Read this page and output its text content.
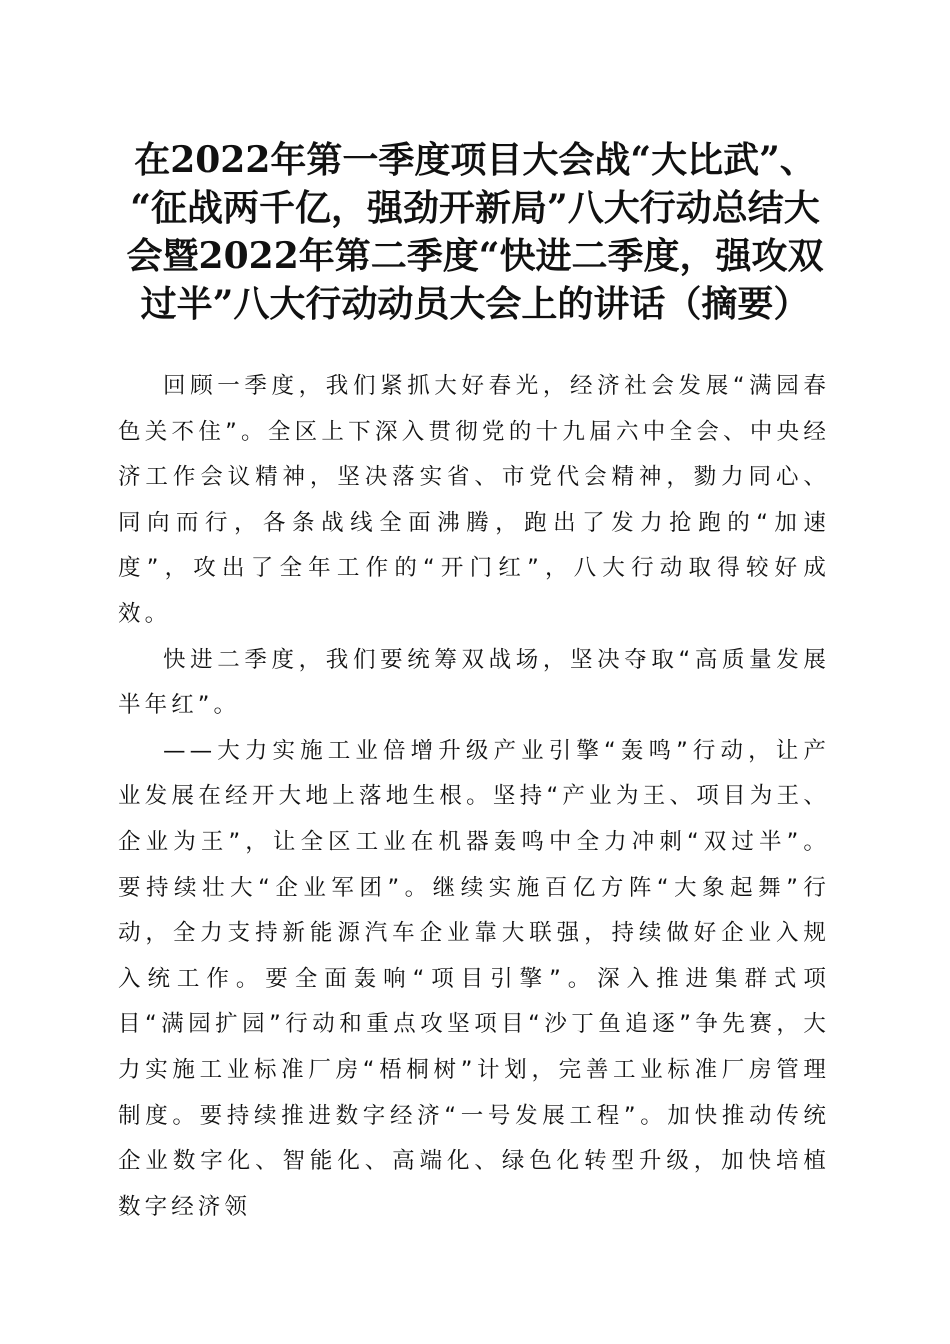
在2022年第一季度项目大会战“大比武”、
“征战两千亿，强劲开新局”八大行动总结大
会暨2022年第二季度“快进二季度，强攻双
过半”八大行动动员大会上的讲话（摘要）

回顾一季度，我们紧抓大好春光，经济社会发展“满园春色关不住”。全区上下深入贯彻党的十九届六中全会、中央经济工作会议精神，坚决落实省、市党代会精神，勠力同心、同向而行，各条战线全面沸腾，跑出了发力抢跑的“加速度”，攻出了全年工作的“开门红”，八大行动取得较好成效。

快进二季度，我们要统筹双战场，坚决夺取“高质量发展半年红”。

——大力实施工业倍增升级产业引擎“轰鸣”行动，让产业发展在经开大地上落地生根。坚持“产业为王、项目为王、企业为王”，让全区工业在机器轰鸣中全力冲刺“双过半”。要持续壮大“企业军团”。继续实施百亿方阵“大象起舞”行动，全力支持新能源汽车企业靠大联强，持续做好企业入规入统工作。要全面轰响“项目引擎”。深入推进集群式项目“满园扩园”行动和重点攻坚项目“沙丁鱼追逐”争先赛，大力实施工业标准厂房“梧桐树”计划，完善工业标准厂房管理制度。要持续推进数字经济“一号发展工程”。加快推动传统企业数字化、智能化、高端化、绿色化转型升级，加快培植数字经济领
